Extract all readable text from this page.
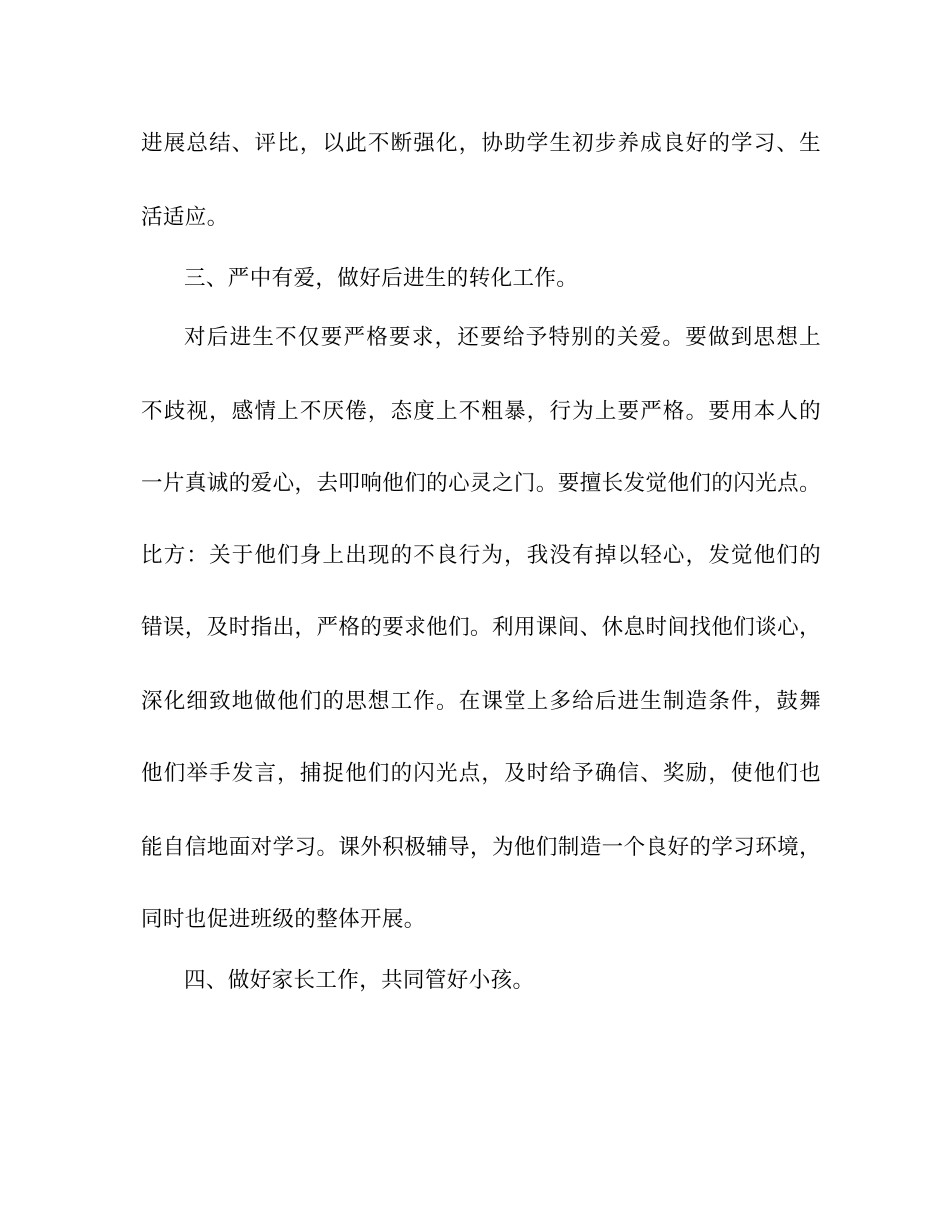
进展总结、评比，以此不断强化，协助学生初步养成良好的学习、生
活适应。
三、严中有爱，做好后进生的转化工作。
对后进生不仅要严格要求，还要给予特别的关爱。要做到思想上
不歧视，感情上不厌倦，态度上不粗暴，行为上要严格。要用本人的
一片真诚的爱心，去叩响他们的心灵之门。要擅长发觉他们的闪光点。
比方：关于他们身上出现的不良行为，我没有掉以轻心，发觉他们的
错误，及时指出，严格的要求他们。利用课间、休息时间找他们谈心，
深化细致地做他们的思想工作。在课堂上多给后进生制造条件，鼓舞
他们举手发言，捕捉他们的闪光点，及时给予确信、奖励，使他们也
能自信地面对学习。课外积极辅导，为他们制造一个良好的学习环境，
同时也促进班级的整体开展。
四、做好家长工作，共同管好小孩。
